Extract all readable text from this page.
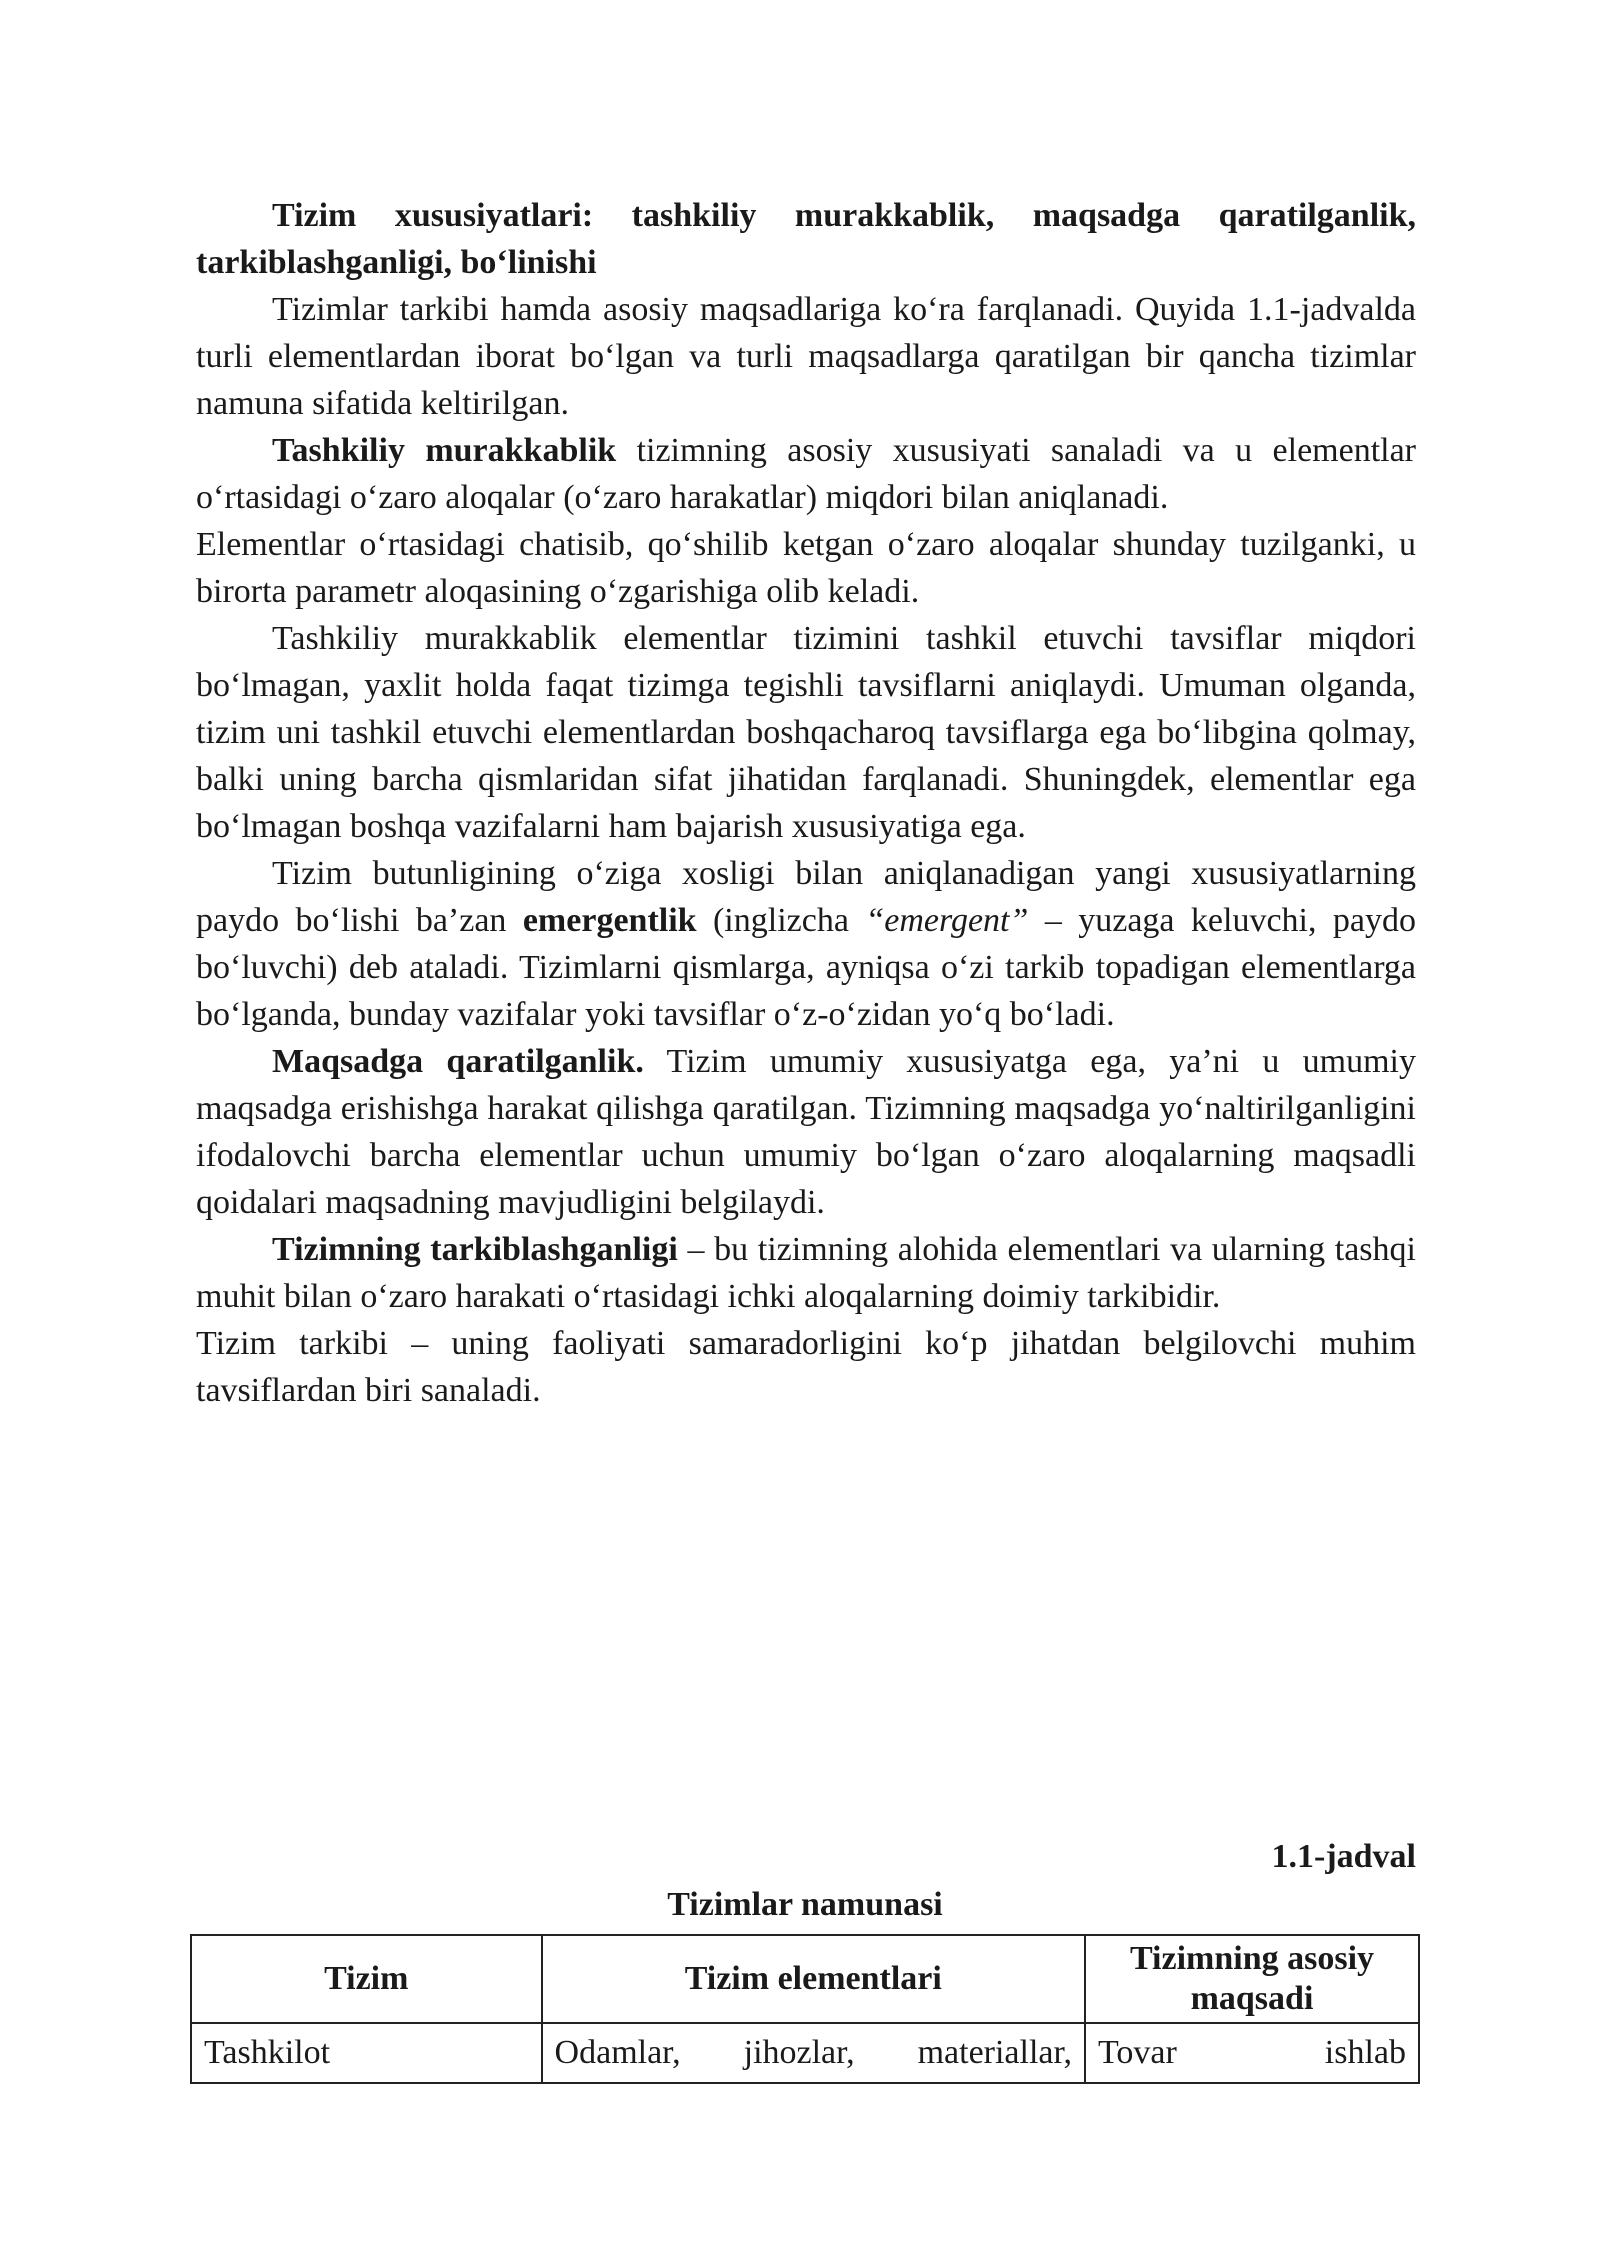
Tizim xususiyatlari: tashkiliy murakkablik, maqsadga qaratilganlik, tarkiblashganligi, bo‘linishi

Tizimlar tarkibi hamda asosiy maqsadlariga ko‘ra farqlanadi. Quyida 1.1-jadvalda turli elementlardan iborat bo‘lgan va turli maqsadlarga qaratilgan bir qancha tizimlar namuna sifatida keltirilgan.

Tashkiliy murakkablik tizimning asosiy xususiyati sanaladi va u elementlar o‘rtasidagi o‘zaro aloqalar (o‘zaro harakatlar) miqdori bilan aniqlanadi.

Elementlar o‘rtasidagi chatisib, qo‘shilib ketgan o‘zaro aloqalar shunday tuzilganki, u birorta parametr aloqasining o‘zgarishiga olib keladi.

Tashkiliy murakkablik elementlar tizimini tashkil etuvchi tavsiflar miqdori bo‘lmagan, yaxlit holda faqat tizimga tegishli tavsiflarni aniqlaydi. Umuman olganda, tizim uni tashkil etuvchi elementlardan boshqacharoq tavsiflarga ega bo‘libgina qolmay, balki uning barcha qismlaridan sifat jihatidan farqlanadi. Shuningdek, elementlar ega bo‘lmagan boshqa vazifalarni ham bajarish xususiyatiga ega.

Tizim butunligining o‘ziga xosligi bilan aniqlanadigan yangi xususiyatlarning paydo bo‘lishi ba’zan emergentlik (inglizcha “emergent” – yuzaga keluvchi, paydo bo‘luvchi) deb ataladi. Tizimlarni qismlarga, ayniqsa o‘zi tarkib topadigan elementlarga bo‘lganda, bunday vazifalar yoki tavsiflar o‘z-o‘zidan yo‘q bo‘ladi.

Maqsadga qaratilganlik. Tizim umumiy xususiyatga ega, ya’ni u umumiy maqsadga erishishga harakat qilishga qaratilgan. Tizimning maqsadga yo‘naltirilganligini ifodalovchi barcha elementlar uchun umumiy bo‘lgan o‘zaro aloqalarning maqsadli qoidalari maqsadning mavjudligini belgilaydi.

Tizimning tarkiblashganligi – bu tizimning alohida elementlari va ularning tashqi muhit bilan o‘zaro harakati o‘rtasidagi ichki aloqalarning doimiy tarkibidir.

Tizim tarkibi – uning faoliyati samaradorligini ko‘p jihatdan belgilovchi muhim tavsiflardan biri sanaladi.

1.1-jadval

Tizimlar namunasi

Tizim	Tizim elementlari	Tizimning asosiy maqsadi
Tashkilot	Odamlar, jihozlar, materiallar,	Tovar ishlab
